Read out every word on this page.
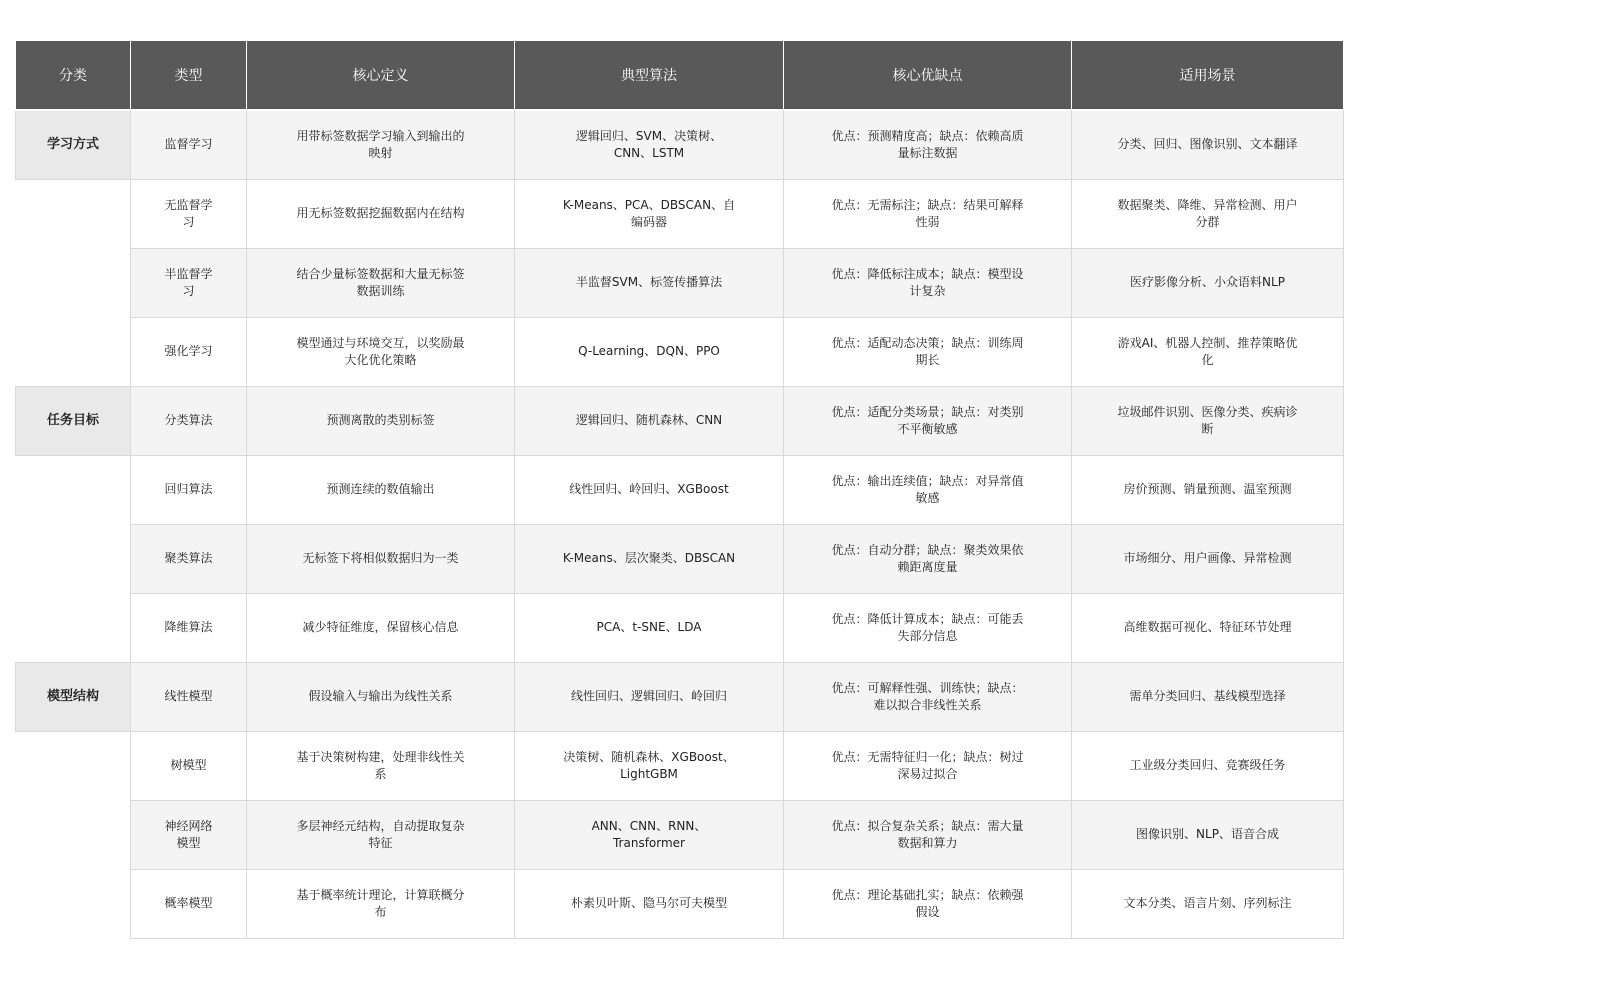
分类	类型	核心定义	典型算法	核心优缺点	适用场景
学习方式	监督学习	用带标签数据学习输入到输出的映射	逻辑回归、SVM、决策树、CNN、LSTM	优点：预测精度高；缺点：依赖高质量标注数据	分类、回归、图像识别、文本翻译
	无监督学习	用无标签数据挖掘数据内在结构	K-Means、PCA、DBSCAN、自编码器	优点：无需标注；缺点：结果可解释性弱	数据聚类、降维、异常检测、用户分群
	半监督学习	结合少量标签数据和大量无标签数据训练	半监督SVM、标签传播算法	优点：降低标注成本；缺点：模型设计复杂	医疗影像分析、小众语料NLP
	强化学习	模型通过与环境交互，以奖励最大化优化策略	Q-Learning、DQN、PPO	优点：适配动态决策；缺点：训练周期长	游戏AI、机器人控制、推荐策略优化
任务目标	分类算法	预测离散的类别标签	逻辑回归、随机森林、CNN	优点：适配分类场景；缺点：对类别不平衡敏感	垃圾邮件识别、医像分类、疾病诊断
	回归算法	预测连续的数值输出	线性回归、岭回归、XGBoost	优点：输出连续值；缺点：对异常值敏感	房价预测、销量预测、温室预测
	聚类算法	无标签下将相似数据归为一类	K-Means、层次聚类、DBSCAN	优点：自动分群；缺点：聚类效果依赖距离度量	市场细分、用户画像、异常检测
	降维算法	减少特征维度，保留核心信息	PCA、t-SNE、LDA	优点：降低计算成本；缺点：可能丢失部分信息	高维数据可视化、特征环节处理
模型结构	线性模型	假设输入与输出为线性关系	线性回归、逻辑回归、岭回归	优点：可解释性强、训练快；缺点：难以拟合非线性关系	需单分类回归、基线模型选择
	树模型	基于决策树构建，处理非线性关系	决策树、随机森林、XGBoost、LightGBM	优点：无需特征归一化；缺点：树过深易过拟合	工业级分类回归、竞赛级任务
	神经网络模型	多层神经元结构，自动提取复杂特征	ANN、CNN、RNN、Transformer	优点：拟合复杂关系；缺点：需大量数据和算力	图像识别、NLP、语音合成
	概率模型	基于概率统计理论，计算联概分布	朴素贝叶斯、隐马尔可夫模型	优点：理论基础扎实；缺点：依赖强假设	文本分类、语言片刻、序列标注
